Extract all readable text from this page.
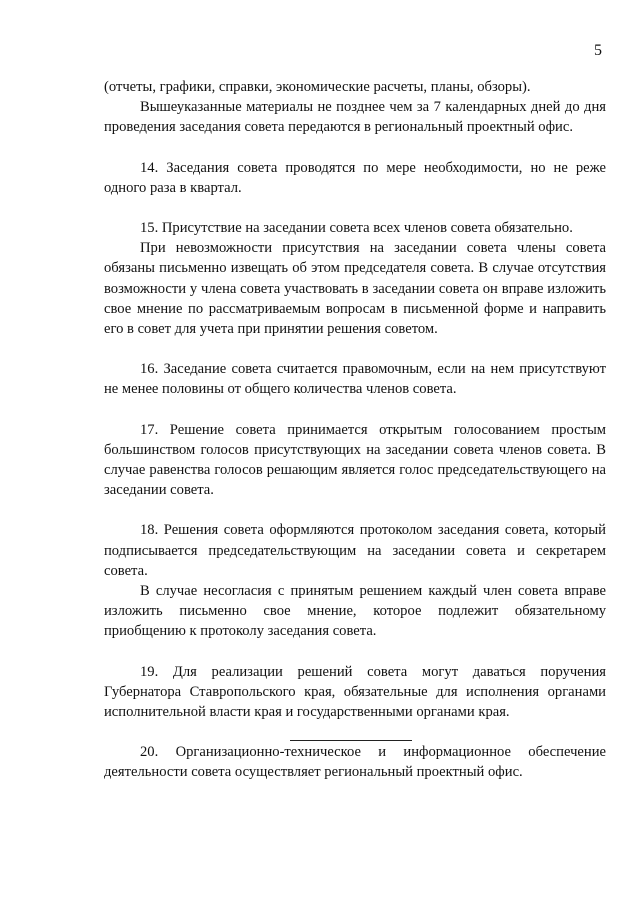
5

(отчеты, графики, справки, экономические расчеты, планы, обзоры).

Вышеуказанные материалы не позднее чем за 7 календарных дней до дня проведения заседания совета передаются в региональный проектный офис.

14. Заседания совета проводятся по мере необходимости, но не реже одного раза в квартал.

15. Присутствие на заседании совета всех членов совета обязательно.

При невозможности присутствия на заседании совета члены совета обязаны письменно извещать об этом председателя совета. В случае отсутствия возможности у члена совета участвовать в заседании совета он вправе изложить свое мнение по рассматриваемым вопросам в письменной форме и направить его в совет для учета при принятии решения советом.

16. Заседание совета считается правомочным, если на нем присутствуют не менее половины от общего количества членов совета.

17. Решение совета принимается открытым голосованием простым большинством голосов присутствующих на заседании совета членов совета. В случае равенства голосов решающим является голос председательствующего на заседании совета.

18. Решения совета оформляются протоколом заседания совета, который подписывается председательствующим на заседании совета и секретарем совета.

В случае несогласия с принятым решением каждый член совета вправе изложить письменно свое мнение, которое подлежит обязательному приобщению к протоколу заседания совета.

19. Для реализации решений совета могут даваться поручения Губернатора Ставропольского края, обязательные для исполнения органами исполнительной власти края и государственными органами края.

20. Организационно-техническое и информационное обеспечение деятельности совета осуществляет региональный проектный офис.
